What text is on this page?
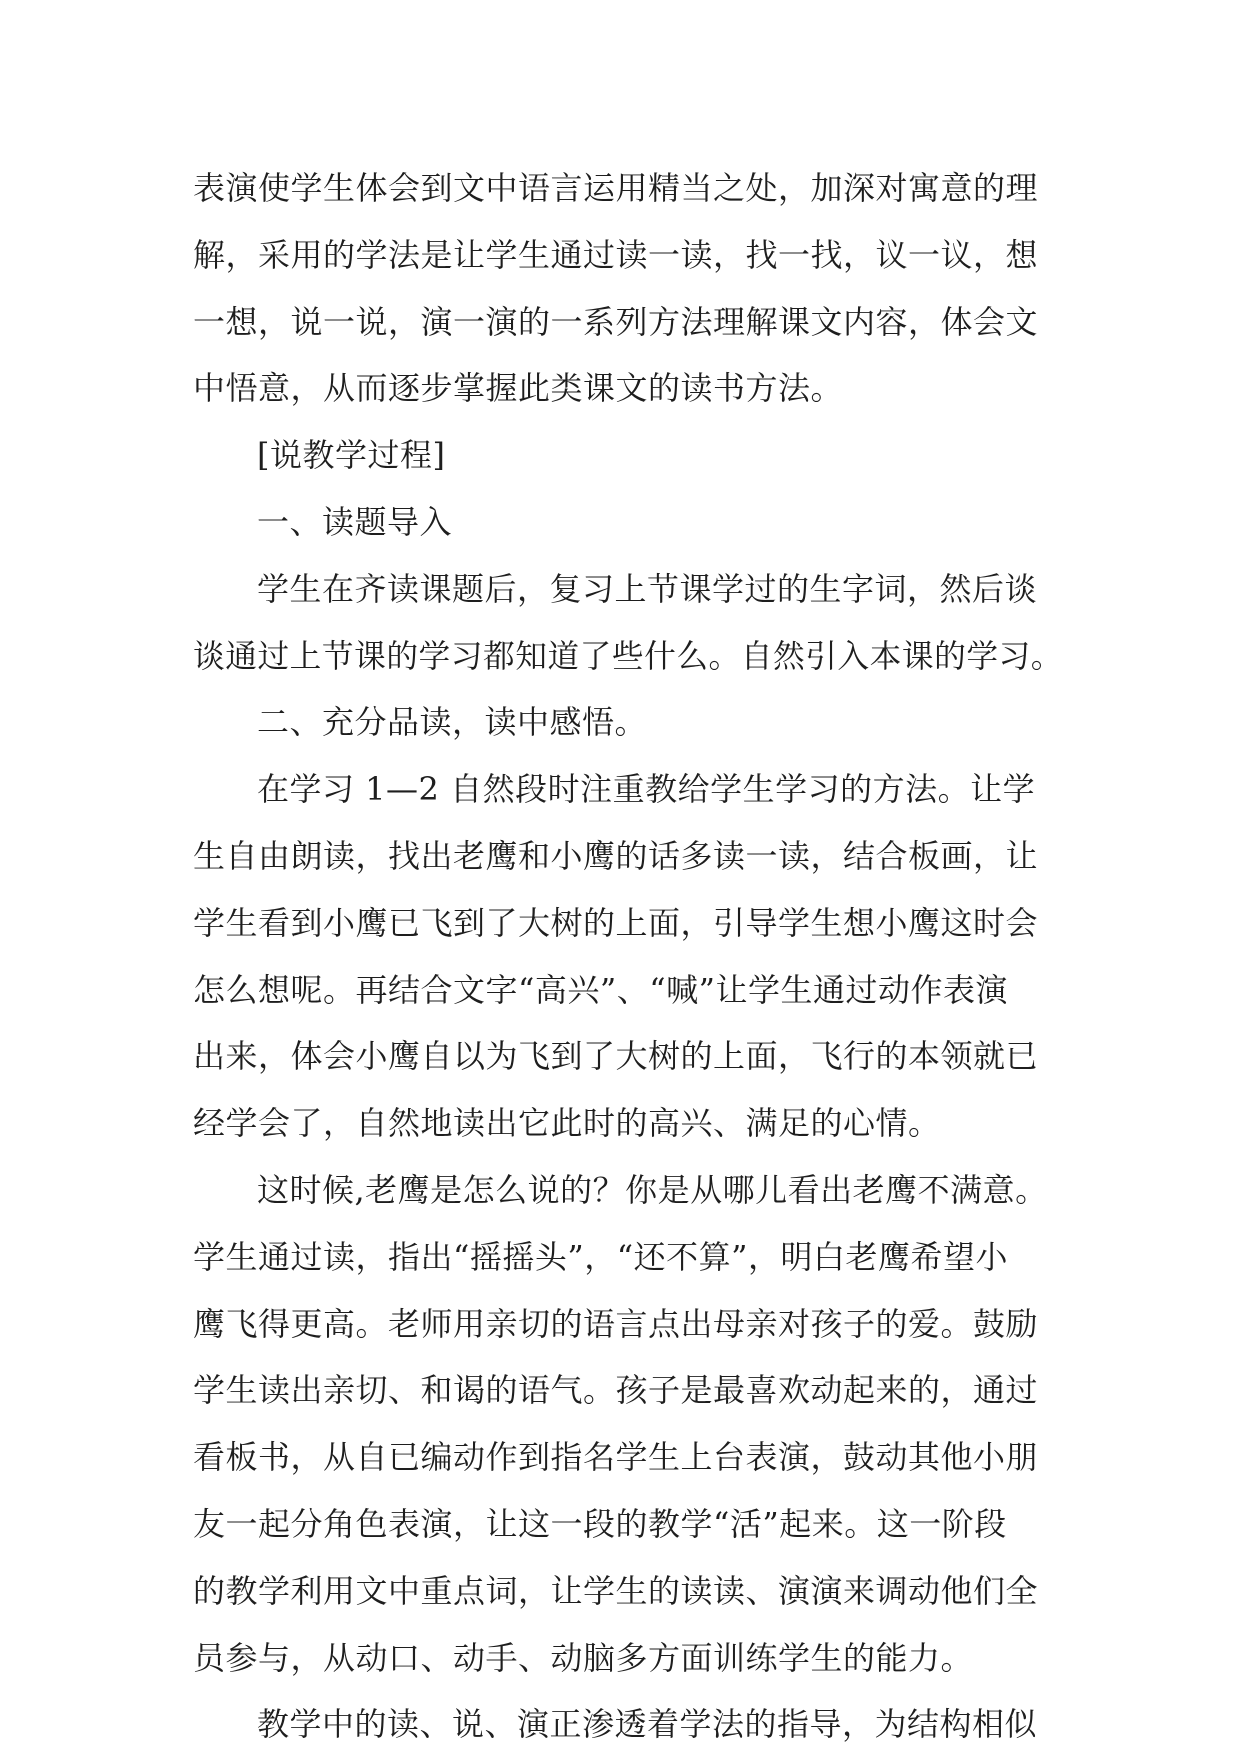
表演使学生体会到文中语言运用精当之处，加深对寓意的理
解，采用的学法是让学生通过读一读，找一找，议一议，想
一想，说一说，演一演的一系列方法理解课文内容，体会文
中悟意，从而逐步掌握此类课文的读书方法。
[说教学过程]
一、读题导入
学生在齐读课题后，复习上节课学过的生字词，然后谈
谈通过上节课的学习都知道了些什么。自然引入本课的学习。
二、充分品读，读中感悟。
在学习 1—2 自然段时注重教给学生学习的方法。让学
生自由朗读，找出老鹰和小鹰的话多读一读，结合板画，让
学生看到小鹰已飞到了大树的上面，引导学生想小鹰这时会
怎么想呢。再结合文字“高兴”、“喊”让学生通过动作表演
出来，体会小鹰自以为飞到了大树的上面，飞行的本领就已
经学会了，自然地读出它此时的高兴、满足的心情。
这时候,老鹰是怎么说的？你是从哪儿看出老鹰不满意。
学生通过读，指出“摇摇头”，“还不算”，明白老鹰希望小
鹰飞得更高。老师用亲切的语言点出母亲对孩子的爱。鼓励
学生读出亲切、和谒的语气。孩子是最喜欢动起来的，通过
看板书，从自已编动作到指名学生上台表演，鼓动其他小朋
友一起分角色表演，让这一段的教学“活”起来。这一阶段
的教学利用文中重点词，让学生的读读、演演来调动他们全
员参与，从动口、动手、动脑多方面训练学生的能力。
教学中的读、说、演正渗透着学法的指导，为结构相似
